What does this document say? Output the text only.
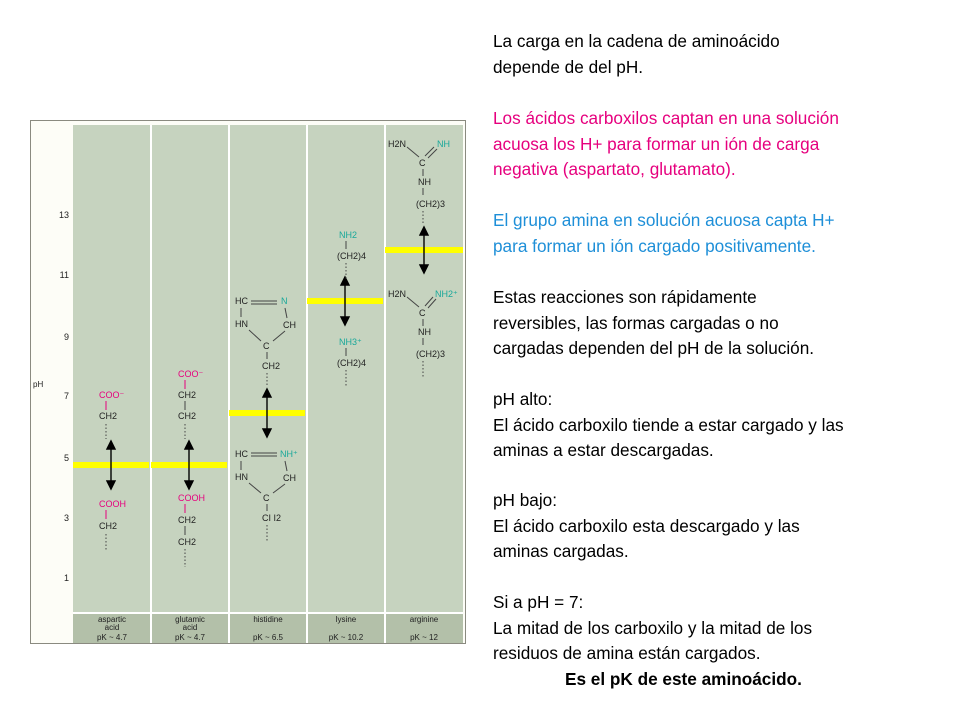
pH
13
11
9
7
5
3
1
COO⁻
CH2
COOH
CH2
COO⁻
CH2
CH2
COOH
CH2
CH2
HC	N
HN	CH
C
CH2
HC	NH⁺
HN	CH
C
CI I2
NH2
(CH2)4
NH3⁺
(CH2)4
H2N	NH
C
NH
(CH2)3
H2N	NH2⁺
C
NH
(CH2)3
aspartic
acid
pK ~ 4.7
glutamic
acid
pK ~ 4.7
histidine
pK ~ 6.5
lysine
pK ~ 10.2
arginine
pK ~ 12
La carga en la cadena de aminoácido
depende de del pH.
Los ácidos carboxilos captan en una solución
acuosa los H+ para formar un ión de carga
negativa (aspartato, glutamato).
El grupo amina en solución acuosa capta H+
para formar un ión cargado positivamente.
Estas reacciones son rápidamente
reversibles, las formas cargadas o no
cargadas dependen del pH de la solución.
pH alto:
El ácido carboxilo tiende a estar cargado y las
aminas a estar descargadas.
pH bajo:
El ácido carboxilo esta descargado y las
aminas cargadas.
Si a pH = 7:
La mitad de los carboxilo y la mitad de los
residuos de amina están cargados.
Es el pK de este aminoácido.
